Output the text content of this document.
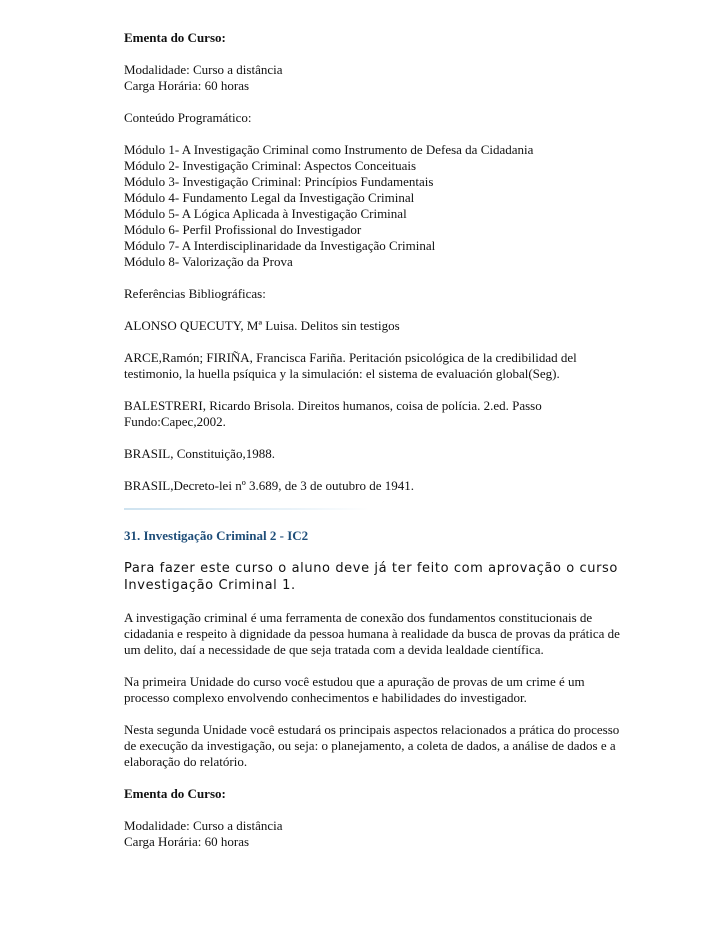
Ementa do Curso:

Modalidade: Curso a distância

Carga Horária: 60 horas

Conteúdo Programático:

Módulo 1- A Investigação Criminal como Instrumento de Defesa da Cidadania

Módulo 2- Investigação Criminal: Aspectos Conceituais

Módulo 3- Investigação Criminal: Princípios Fundamentais

Módulo 4- Fundamento Legal da Investigação Criminal

Módulo 5- A Lógica Aplicada à Investigação Criminal

Módulo 6- Perfil Profissional do Investigador

Módulo 7- A Interdisciplinaridade da Investigação Criminal

Módulo 8- Valorização da Prova

Referências Bibliográficas:

ALONSO QUECUTY, Mª Luisa. Delitos sin testigos

ARCE,Ramón; FIRIÑA, Francisca Fariña. Peritación psicológica de la credibilidad del

testimonio, la huella psíquica y la simulación: el sistema de evaluación global(Seg).

BALESTRERI, Ricardo Brisola. Direitos humanos, coisa de polícia. 2.ed. Passo

Fundo:Capec,2002.

BRASIL, Constituição,1988.

BRASIL,Decreto-lei nº 3.689, de 3 de outubro de 1941.

31. Investigação Criminal 2 - IC2

Para fazer este curso o aluno deve já ter feito com aprovação o curso

Investigação Criminal 1.

A investigação criminal é uma ferramenta de conexão dos fundamentos constitucionais de

cidadania e respeito à dignidade da pessoa humana à realidade da busca de provas da prática de

um delito, daí a necessidade de que seja tratada com a devida lealdade científica.

Na primeira Unidade do curso você estudou que a apuração de provas de um crime é um

processo complexo envolvendo conhecimentos e habilidades do investigador.

Nesta segunda Unidade você estudará os principais aspectos relacionados a prática do processo

de execução da investigação, ou seja: o planejamento, a coleta de dados, a análise de dados e a

elaboração do relatório.

Ementa do Curso:

Modalidade: Curso a distância

Carga Horária: 60 horas
